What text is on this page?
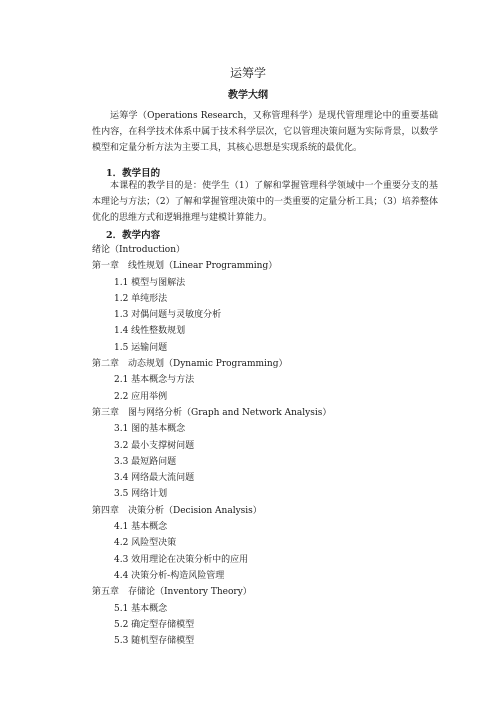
运筹学
教学大纲
运筹学（Operations Research，又称管理科学）是现代管理理论中的重要基础性内容，在科学技术体系中属于技术科学层次，它以管理决策问题为实际背景，以数学模型和定量分析方法为主要工具，其核心思想是实现系统的最优化。
1．教学目的
本课程的教学目的是：使学生（1）了解和掌握管理科学领域中一个重要分支的基本理论与方法；（2）了解和掌握管理决策中的一类重要的定量分析工具；（3）培养整体优化的思维方式和逻辑推理与建模计算能力。
2．教学内容
绪论（Introduction）
第一章　线性规划（Linear Programming）
1.1 模型与图解法
1.2 单纯形法
1.3 对偶问题与灵敏度分析
1.4 线性整数规划
1.5 运输问题
第二章　动态规划（Dynamic Programming）
2.1 基本概念与方法
2.2 应用举例
第三章　图与网络分析（Graph and Network Analysis）
3.1 图的基本概念
3.2 最小支撑树问题
3.3 最短路问题
3.4 网络最大流问题
3.5 网络计划
第四章　决策分析（Decision Analysis）
4.1 基本概念
4.2 风险型决策
4.3 效用理论在决策分析中的应用
4.4 决策分析-构造风险管理
第五章　存储论（Inventory Theory）
5.1 基本概念
5.2 确定型存储模型
5.3 随机型存储模型
